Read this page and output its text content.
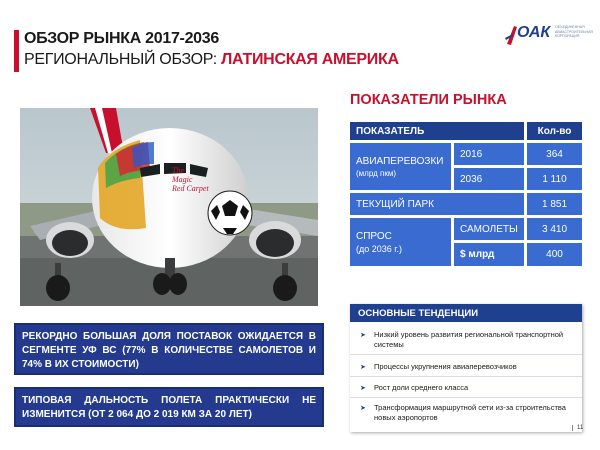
ОБЗОР РЫНКА 2017-2036
РЕГИОНАЛЬНЫЙ ОБЗОР: ЛАТИНСКАЯ АМЕРИКА
ОАК ОБЪЕДИНЕННАЯ АВИАСТРОИТЕЛЬНАЯ КОРПОРАЦИЯ
The
Magic
Red Carpet
РЕКОРДНО БОЛЬШАЯ ДОЛЯ ПОСТАВОК ОЖИДАЕТСЯ В СЕГМЕНТЕ УФ ВС (77% В КОЛИЧЕСТВЕ САМОЛЕТОВ И 74% В ИХ СТОИМОСТИ)
ТИПОВАЯ ДАЛЬНОСТЬ ПОЛЕТА ПРАКТИЧЕСКИ НЕ ИЗМЕНИТСЯ (ОТ 2 064 ДО 2 019 КМ ЗА 20 ЛЕТ)
ПОКАЗАТЕЛИ РЫНКА
ПОКАЗАТЕЛЬ	Кол-во
АВИАПЕРЕВОЗКИ
(млрд пкм)
2016
2036
364
1 110
ТЕКУЩИЙ ПАРК	1 851
СПРОС
(до 2036 г.)
САМОЛЕТЫ
$ млрд
3 410
400
ОСНОВНЫЕ ТЕНДЕНЦИИ
➤ Низкий уровень развития региональной транспортной системы
➤ Процессы укрупнения авиаперевозчиков
➤ Рост доли среднего класса
➤ Трансформация маршрутной сети из-за строительства новых аэропортов
11
